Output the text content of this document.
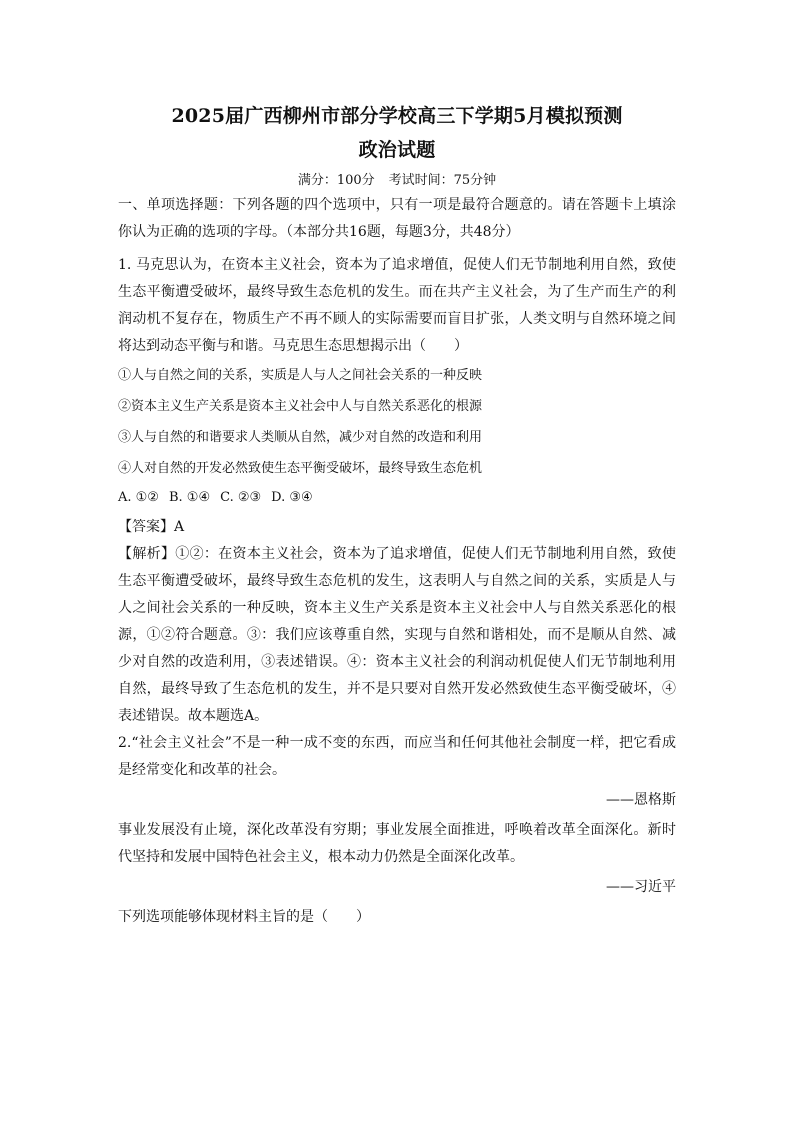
2025届广西柳州市部分学校高三下学期5月模拟预测
政治试题
满分：100分 考试时间：75分钟

一、单项选择题：下列各题的四个选项中，只有一项是最符合题意的。请在答题卡上填涂你认为正确的选项的字母。（本部分共16题，每题3分，共48分）

1. 马克思认为，在资本主义社会，资本为了追求增值，促使人们无节制地利用自然，致使生态平衡遭受破坏，最终导致生态危机的发生。而在共产主义社会，为了生产而生产的利润动机不复存在，物质生产不再不顾人的实际需要而盲目扩张，人类文明与自然环境之间将达到动态平衡与和谐。马克思生态思想揭示出（　　）

①人与自然之间的关系，实质是人与人之间社会关系的一种反映

②资本主义生产关系是资本主义社会中人与自然关系恶化的根源

③人与自然的和谐要求人类顺从自然，减少对自然的改造和利用

④人对自然的开发必然致使生态平衡受破坏，最终导致生态危机

A. ①② B. ①④ C. ②③ D. ③④

【答案】A

【解析】①②：在资本主义社会，资本为了追求增值，促使人们无节制地利用自然，致使生态平衡遭受破坏，最终导致生态危机的发生，这表明人与自然之间的关系，实质是人与人之间社会关系的一种反映，资本主义生产关系是资本主义社会中人与自然关系恶化的根源，①②符合题意。③：我们应该尊重自然，实现与自然和谐相处，而不是顺从自然、减少对自然的改造利用，③表述错误。④：资本主义社会的利润动机促使人们无节制地利用自然，最终导致了生态危机的发生，并不是只要对自然开发必然致使生态平衡受破坏，④表述错误。故本题选A。

2.“社会主义社会”不是一种一成不变的东西，而应当和任何其他社会制度一样，把它看成是经常变化和改革的社会。

——恩格斯

事业发展没有止境，深化改革没有穷期；事业发展全面推进，呼唤着改革全面深化。新时代坚持和发展中国特色社会主义，根本动力仍然是全面深化改革。

——习近平

下列选项能够体现材料主旨的是（　　）
